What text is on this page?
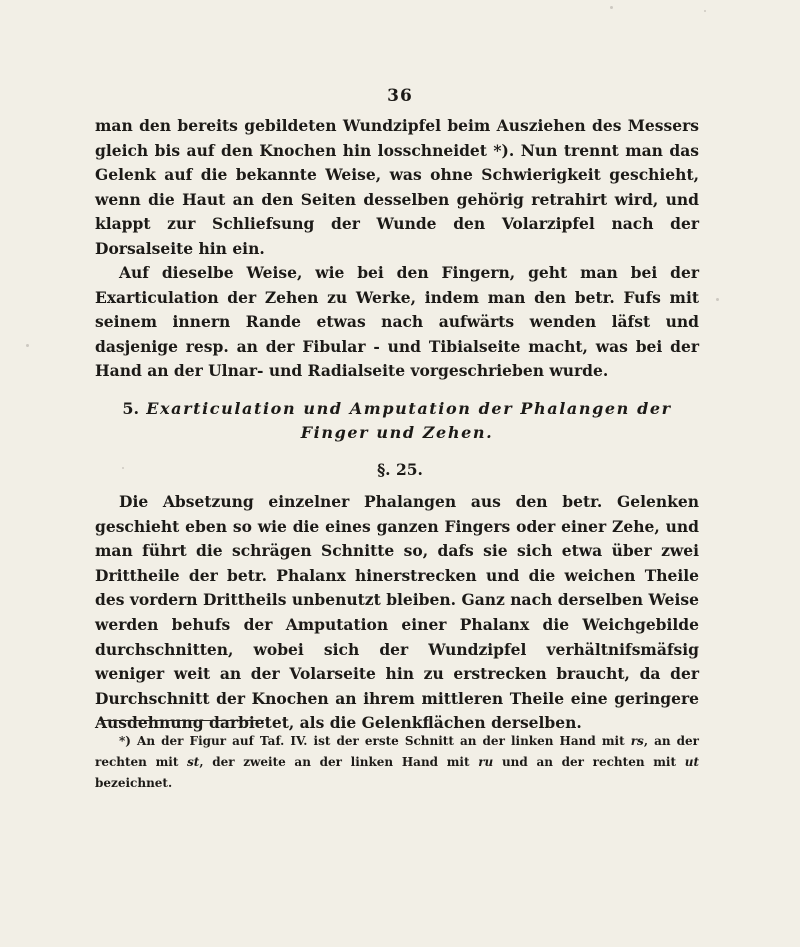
36

man den bereits gebildeten Wundzipfel beim Ausziehen des Messers gleich bis auf den Knochen hin losschneidet *). Nun trennt man das Gelenk auf die bekannte Weise, was ohne Schwierigkeit geschieht, wenn die Haut an den Seiten desselben gehörig retrahirt wird, und klappt zur Schliefsung der Wunde den Volarzipfel nach der Dorsalseite hin ein.

Auf dieselbe Weise, wie bei den Fingern, geht man bei der Exarticulation der Zehen zu Werke, indem man den betr. Fufs mit seinem innern Rande etwas nach aufwärts wenden läfst und dasjenige resp. an der Fibular - und Tibialseite macht, was bei der Hand an der Ulnar- und Radialseite vorgeschrieben wurde.

5. Exarticulation und Amputation der Phalangen der
Finger und Zehen.
§. 25.

Die Absetzung einzelner Phalangen aus den betr. Gelenken geschieht eben so wie die eines ganzen Fingers oder einer Zehe, und man führt die schrägen Schnitte so, dafs sie sich etwa über zwei Drittheile der betr. Phalanx hinerstrecken und die weichen Theile des vordern Drittheils unbenutzt bleiben. Ganz nach derselben Weise werden behufs der Amputation einer Phalanx die Weichgebilde durchschnitten, wobei sich der Wundzipfel verhältnifsmäfsig weniger weit an der Volarseite hin zu erstrecken braucht, da der Durchschnitt der Knochen an ihrem mittleren Theile eine geringere Ausdehnung darbietet, als die Gelenkflächen derselben.

*) An der Figur auf Taf. IV. ist der erste Schnitt an der linken Hand mit rs, an der rechten mit st, der zweite an der linken Hand mit ru und an der rechten mit ut bezeichnet.
